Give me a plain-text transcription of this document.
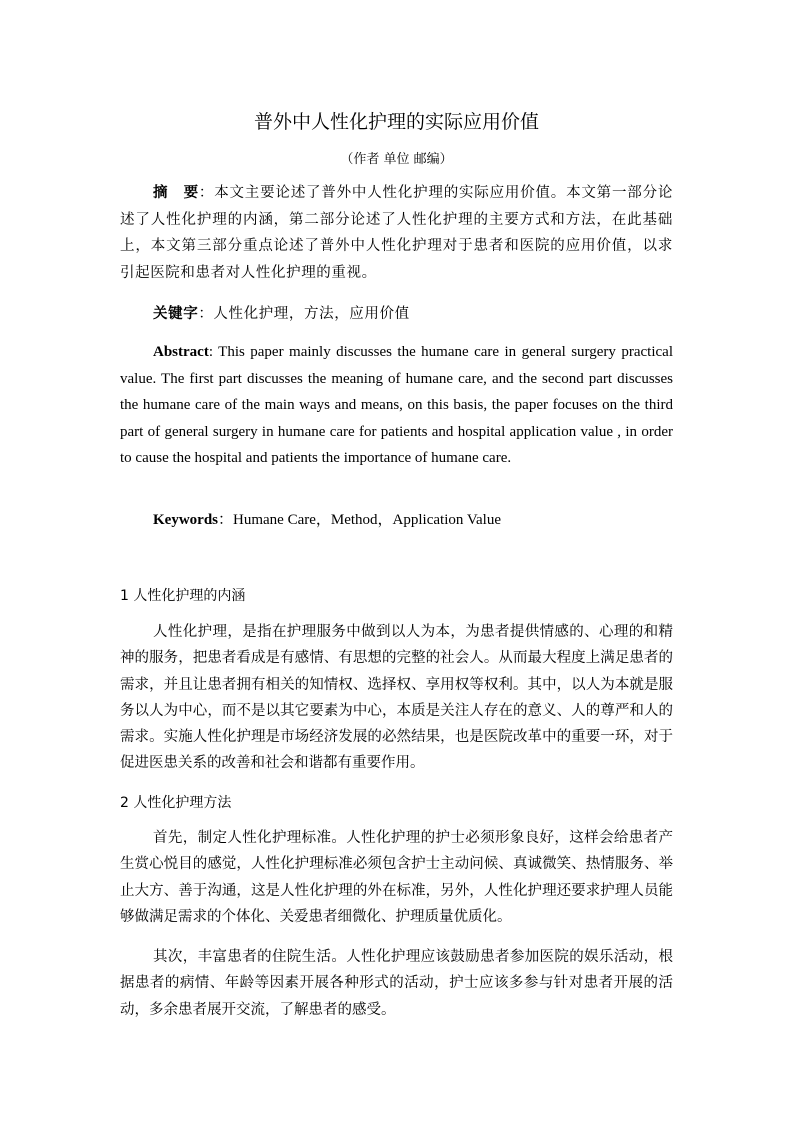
普外中人性化护理的实际应用价值
（作者 单位 邮编）

摘　要：本文主要论述了普外中人性化护理的实际应用价值。本文第一部分论述了人性化护理的内涵，第二部分论述了人性化护理的主要方式和方法，在此基础上，本文第三部分重点论述了普外中人性化护理对于患者和医院的应用价值，以求引起医院和患者对人性化护理的重视。

关键字：人性化护理，方法，应用价值

Abstract: This paper mainly discusses the humane care in general surgery practical value. The first part discusses the meaning of humane care, and the second part discusses the humane care of the main ways and means, on this basis, the paper focuses on the third part of general surgery in humane care for patients and hospital application value , in order to cause the hospital and patients the importance of humane care.

Keywords：Humane Care，Method，Application Value

1 人性化护理的内涵

人性化护理，是指在护理服务中做到以人为本，为患者提供情感的、心理的和精神的服务，把患者看成是有感情、有思想的完整的社会人。从而最大程度上满足患者的需求，并且让患者拥有相关的知情权、选择权、享用权等权利。其中，以人为本就是服务以人为中心，而不是以其它要素为中心，本质是关注人存在的意义、人的尊严和人的需求。实施人性化护理是市场经济发展的必然结果，也是医院改革中的重要一环，对于促进医患关系的改善和社会和谐都有重要作用。

2 人性化护理方法

首先，制定人性化护理标准。人性化护理的护士必须形象良好，这样会给患者产生赏心悦目的感觉，人性化护理标准必须包含护士主动问候、真诚微笑、热情服务、举止大方、善于沟通，这是人性化护理的外在标准，另外，人性化护理还要求护理人员能够做满足需求的个体化、关爱患者细微化、护理质量优质化。

其次，丰富患者的住院生活。人性化护理应该鼓励患者参加医院的娱乐活动，根据患者的病情、年龄等因素开展各种形式的活动，护士应该多参与针对患者开展的活动，多余患者展开交流，了解患者的感受。
